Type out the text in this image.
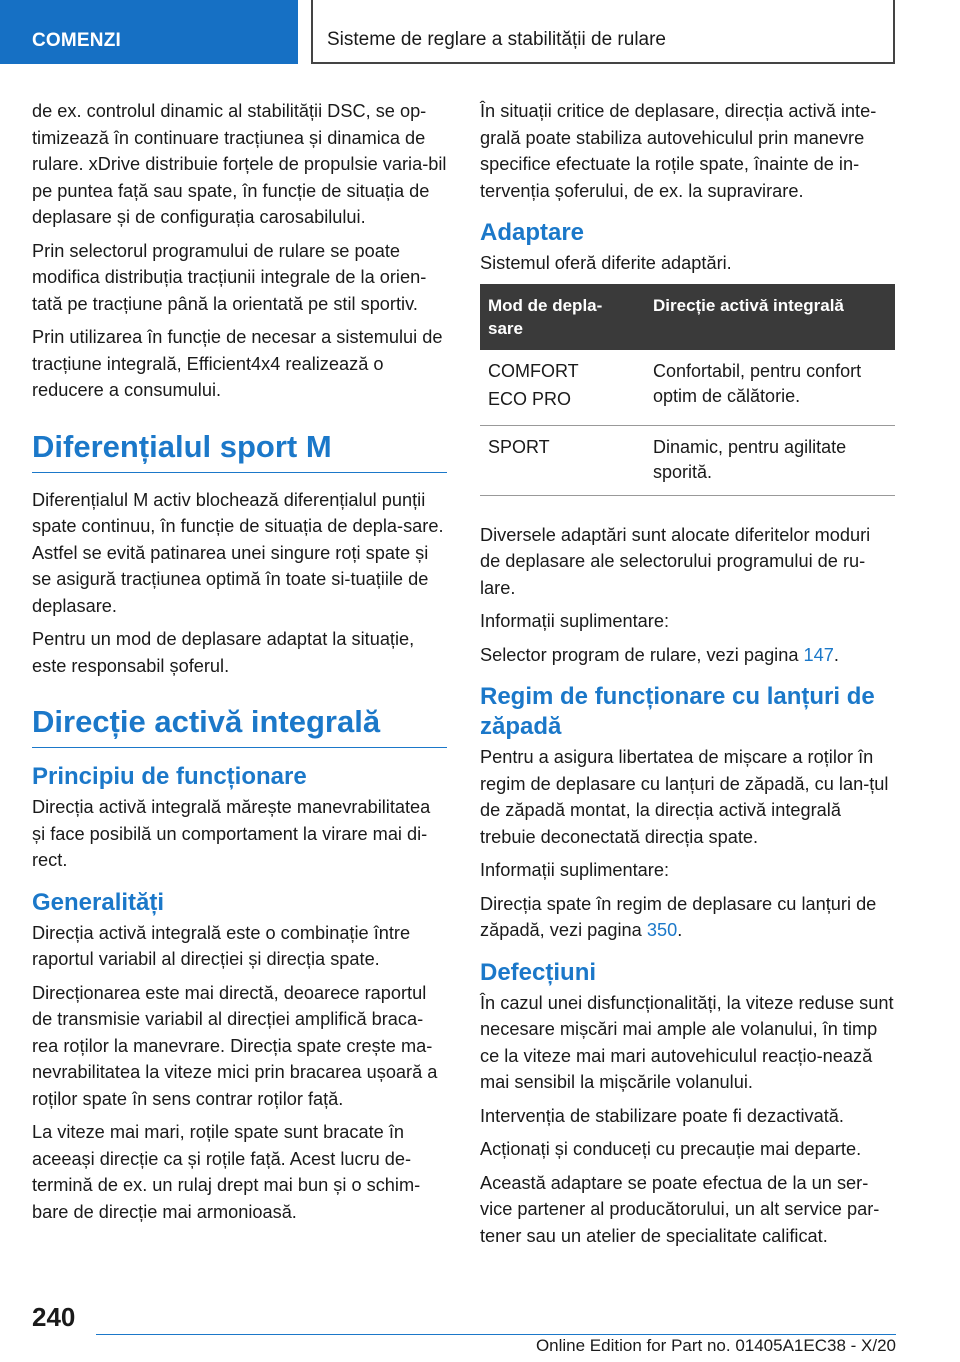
COMENZI	Sisteme de reglare a stabilității de rulare

de ex. controlul dinamic al stabilității DSC, se op-timizează în continuare tracțiunea și dinamica de rulare. xDrive distribuie forțele de propulsie varia-bil pe puntea față sau spate, în funcție de situația de deplasare și de configurația carosabilului.

Prin selectorul programului de rulare se poate modifica distribuția tracțiunii integrale de la orien-tată pe tracțiune până la orientată pe stil sportiv.

Prin utilizarea în funcție de necesar a sistemului de tracțiune integrală, Efficient4x4 realizează o reducere a consumului.

Diferențialul sport M

Diferențialul M activ blochează diferențialul punții spate continuu, în funcție de situația de depla-sare. Astfel se evită patinarea unei singure roți spate și se asigură tracțiunea optimă în toate si-tuațiile de deplasare.

Pentru un mod de deplasare adaptat la situație, este responsabil șoferul.

Direcție activă integrală
Principiu de funcționare

Direcția activă integrală mărește manevrabilitatea și face posibilă un comportament la virare mai di-rect.

Generalități

Direcția activă integrală este o combinație între raportul variabil al direcției și direcția spate.

Direcționarea este mai directă, deoarece raportul de transmisie variabil al direcției amplifică braca-rea roților la manevrare. Direcția spate crește ma-nevrabilitatea la viteze mici prin bracarea ușoară a roților spate în sens contrar roților față.

La viteze mai mari, roțile spate sunt bracate în aceeași direcție ca și roțile față. Acest lucru de-termină de ex. un rulaj drept mai bun și o schim-bare de direcție mai armonioasă.

În situații critice de deplasare, direcția activă inte-grală poate stabiliza autovehiculul prin manevre specifice efectuate la roțile spate, înainte de in-tervenția șoferului, de ex. la supravirare.

Adaptare

Sistemul oferă diferite adaptări.

Mod de depla-sare	Direcție activă integrală

COMFORT
ECO PRO	Confortabil, pentru confort optim de călătorie.
SPORT	Dinamic, pentru agilitate sporită.

Diversele adaptări sunt alocate diferitelor moduri de deplasare ale selectorului programului de ru-lare.

Informații suplimentare:

Selector program de rulare, vezi pagina 147.

Regim de funcționare cu lanțuri de zăpadă

Pentru a asigura libertatea de mișcare a roților în regim de deplasare cu lanțuri de zăpadă, cu lan-țul de zăpadă montat, la direcția activă integrală trebuie deconectată direcția spate.

Informații suplimentare:

Direcția spate în regim de deplasare cu lanțuri de zăpadă, vezi pagina 350.

Defecțiuni

În cazul unei disfuncționalități, la viteze reduse sunt necesare mișcări mai ample ale volanului, în timp ce la viteze mai mari autovehiculul reacțio-nează mai sensibil la mișcările volanului.

Intervenția de stabilizare poate fi dezactivată.

Acționați și conduceți cu precauție mai departe.

Această adaptare se poate efectua de la un ser-vice partener al producătorului, un alt service par-tener sau un atelier de specialitate calificat.

240
Online Edition for Part no. 01405A1EC38 - X/20
